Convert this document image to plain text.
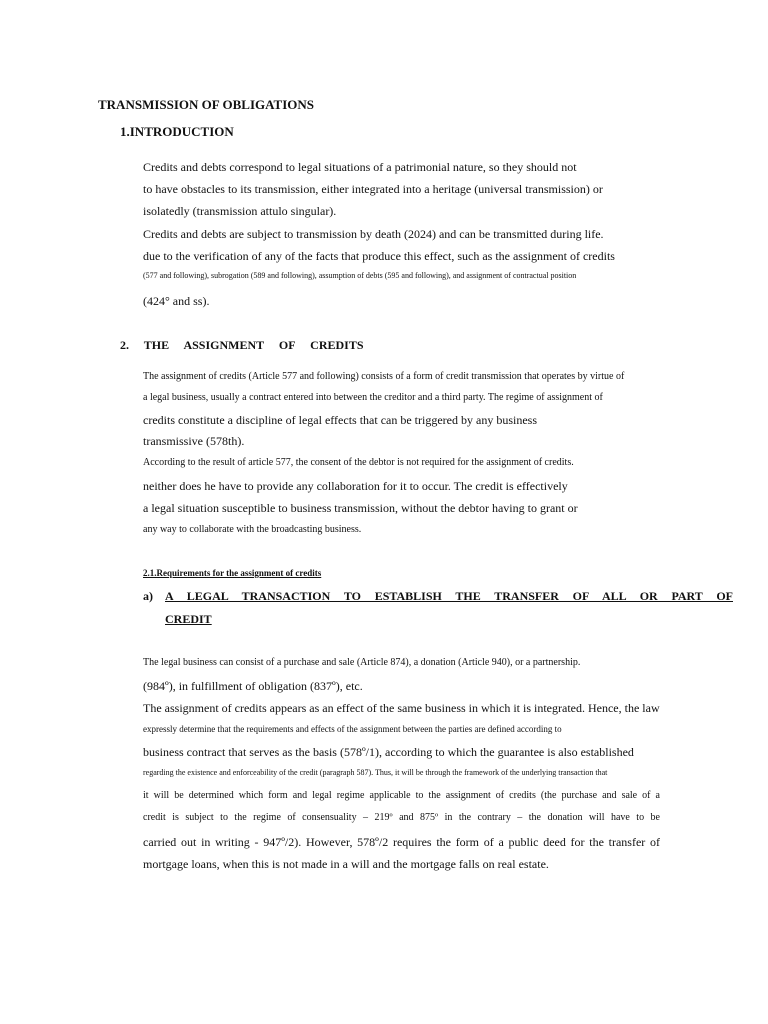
TRANSMISSION OF OBLIGATIONS
1.INTRODUCTION
Credits and debts correspond to legal situations of a patrimonial nature, so they should not
to have obstacles to its transmission, either integrated into a heritage (universal transmission) or
isolatedly (transmission attulo singular).
Credits and debts are subject to transmission by death (2024) and can be transmitted during life.
due to the verification of any of the facts that produce this effect, such as the assignment of credits
(577 and following), subrogation (589 and following), assumption of debts (595 and following), and assignment of contractual position
(424° and ss).
2. THE ASSIGNMENT OF CREDITS
The assignment of credits (Article 577 and following) consists of a form of credit transmission that operates by virtue of
a legal business, usually a contract entered into between the creditor and a third party. The regime of assignment of
credits constitute a discipline of legal effects that can be triggered by any business
transmissive (578th).
According to the result of article 577, the consent of the debtor is not required for the assignment of credits.
neither does he have to provide any collaboration for it to occur. The credit is effectively
a legal situation susceptible to business transmission, without the debtor having to grant or
any way to collaborate with the broadcasting business.
2.1.Requirements for the assignment of credits
a) A LEGAL TRANSACTION TO ESTABLISH THE TRANSFER OF ALL OR PART OF
CREDIT
The legal business can consist of a purchase and sale (Article 874), a donation (Article 940), or a partnership.
(984º), in fulfillment of obligation (837º), etc.
The assignment of credits appears as an effect of the same business in which it is integrated. Hence, the law
expressly determine that the requirements and effects of the assignment between the parties are defined according to
business contract that serves as the basis (578º/1), according to which the guarantee is also established
regarding the existence and enforceability of the credit (paragraph 587). Thus, it will be through the framework of the underlying transaction that
it will be determined which form and legal regime applicable to the assignment of credits (the purchase and sale of a
credit is subject to the regime of consensuality – 219º and 875º in the contrary – the donation will have to be
carried out in writing - 947º/2). However, 578º/2 requires the form of a public deed for the transfer of
mortgage loans, when this is not made in a will and the mortgage falls on real estate.
